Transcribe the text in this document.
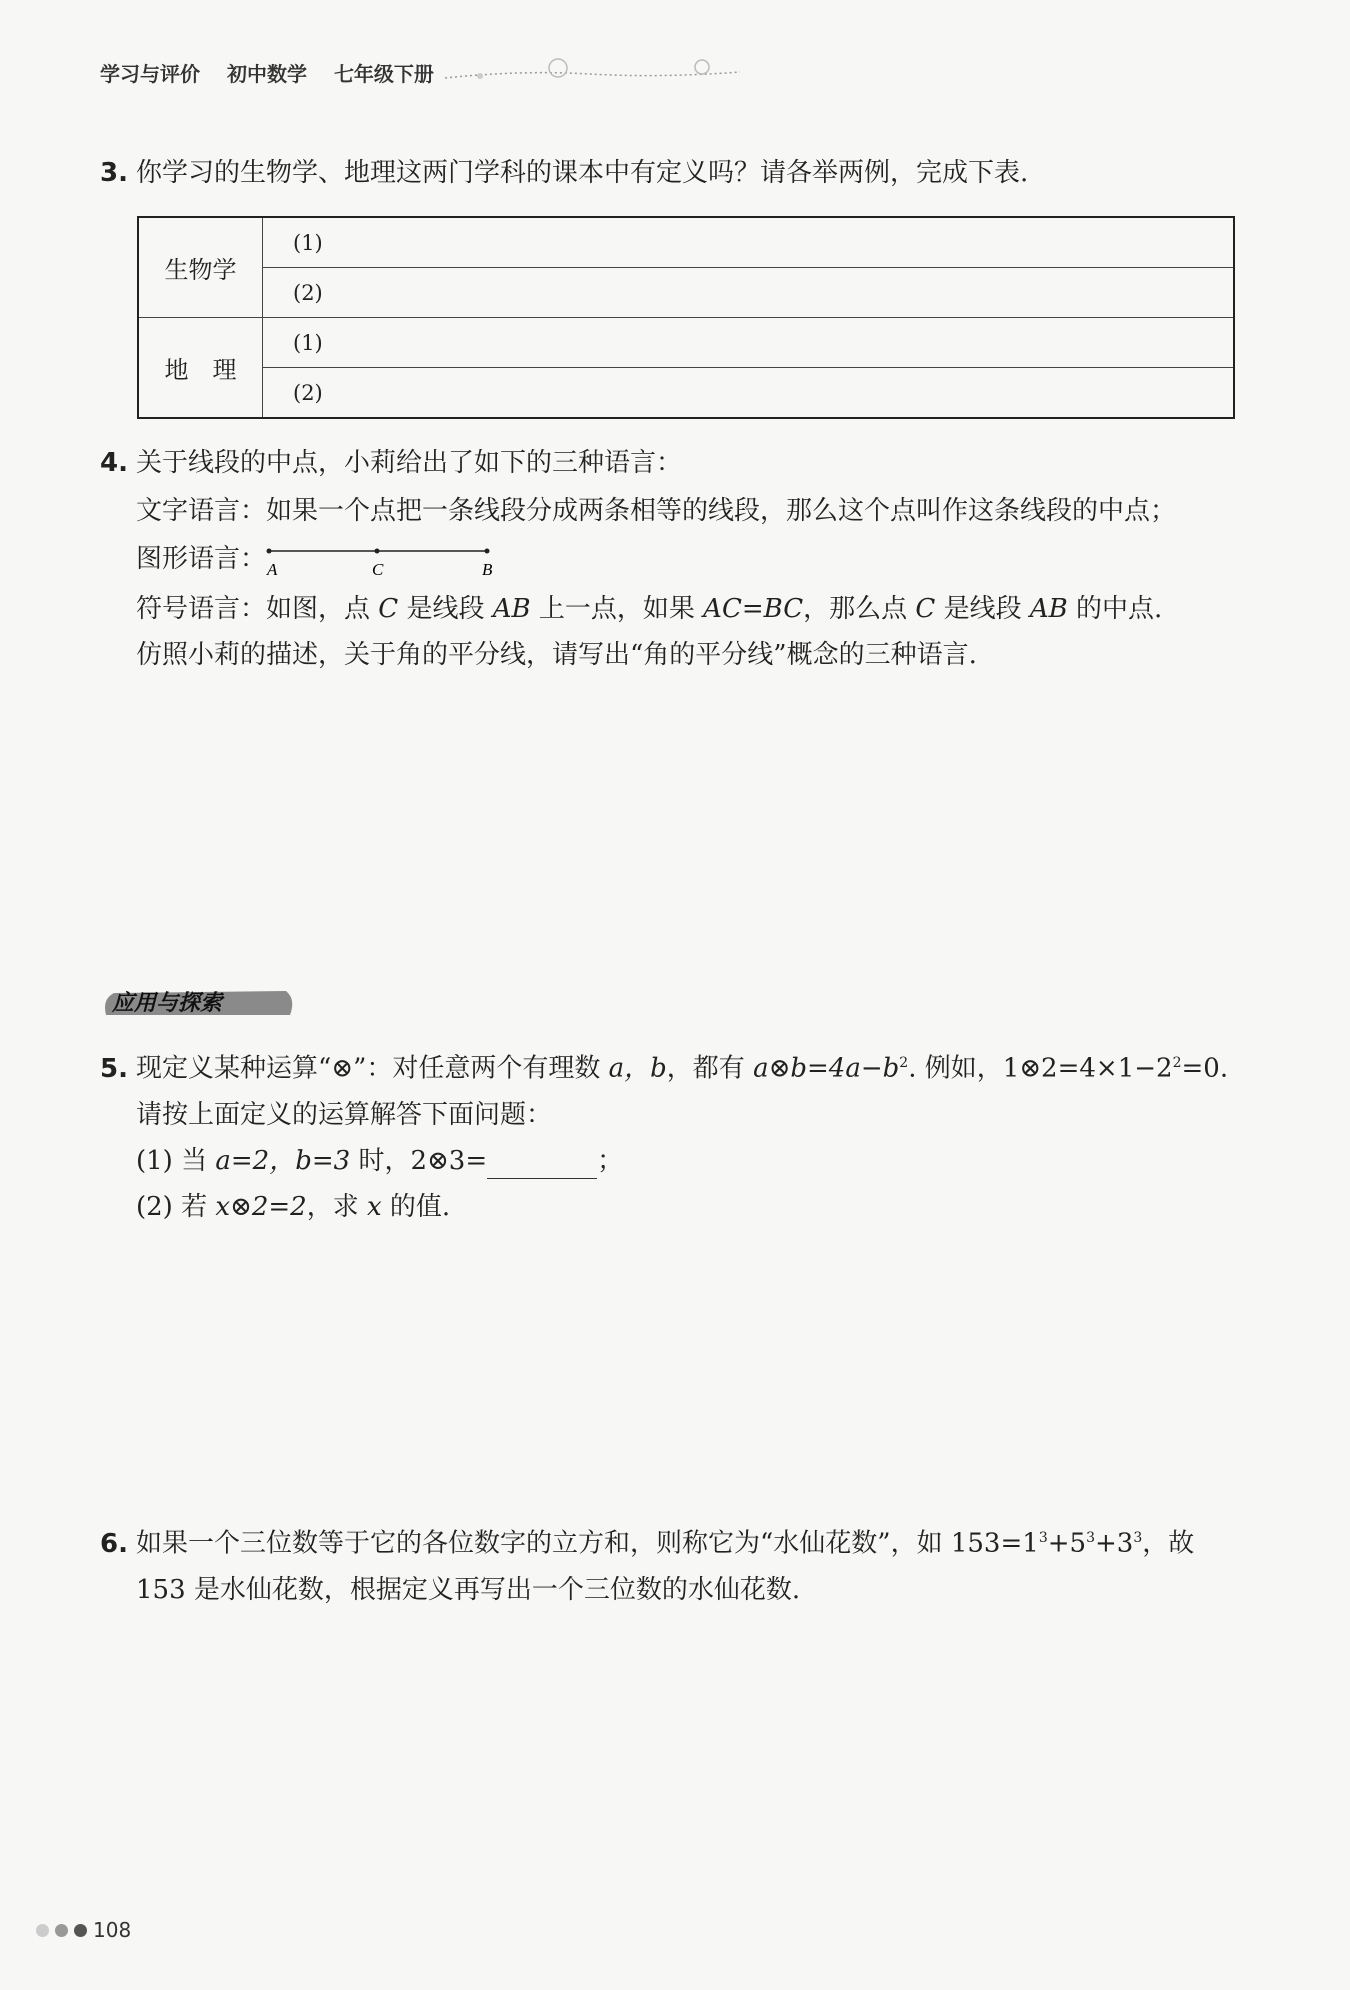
学习与评价 初中数学 七年级下册
3. 你学习的生物学、地理这两门学科的课本中有定义吗？请各举两例，完成下表.
生物学	(1)
	(2)
地　理	(1)
	(2)
4. 关于线段的中点，小莉给出了如下的三种语言：
文字语言：如果一个点把一条线段分成两条相等的线段，那么这个点叫作这条线段的中点；
图形语言： A	C	B
符号语言：如图，点 C 是线段 AB 上一点，如果 AC=BC，那么点 C 是线段 AB 的中点.
仿照小莉的描述，关于角的平分线，请写出“角的平分线”概念的三种语言.
应用与探索
5. 现定义某种运算“⊗”：对任意两个有理数 a，b，都有 $a\otimes b=4a-b^2$. 例如，$1\otimes 2=4\times 1-2^2=0$.
请按上面定义的运算解答下面问题：
(1) 当 a=2，b=3 时，2⊗3=	；
(2) 若 x⊗2=2，求 x 的值.
6. 如果一个三位数等于它的各位数字的立方和，则称它为“水仙花数”，如 $153=1^3+5^3+3^3$，故
153 是水仙花数，根据定义再写出一个三位数的水仙花数.
108
